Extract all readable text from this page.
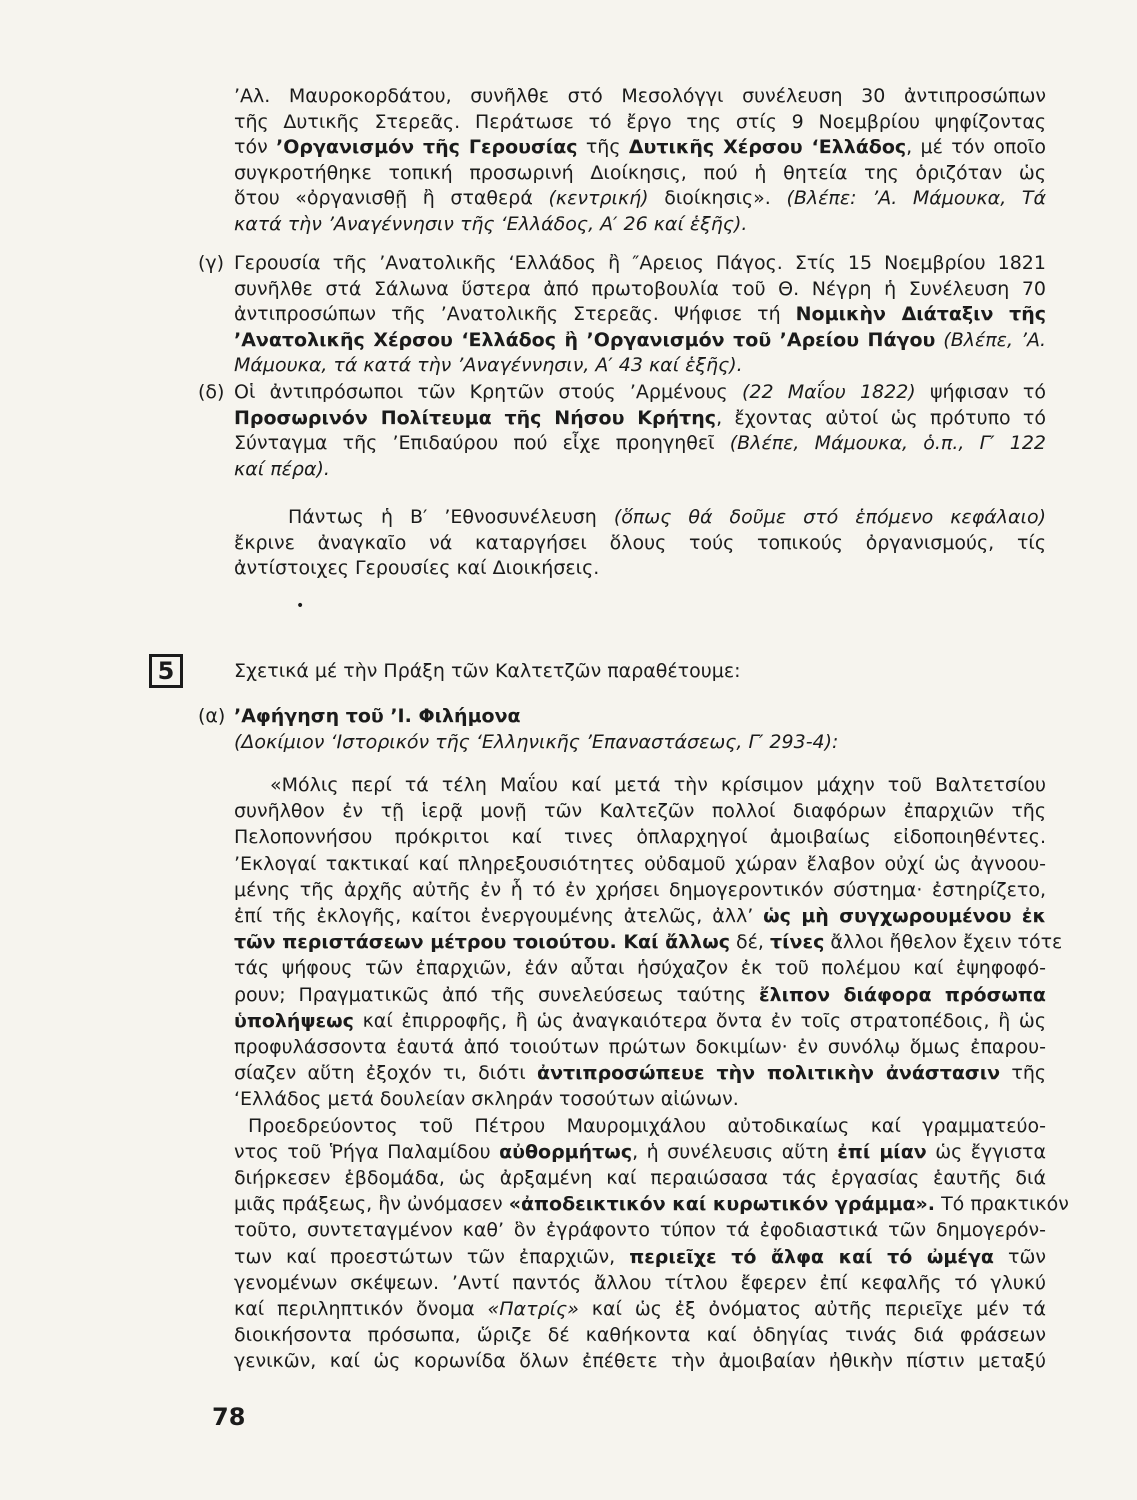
’Αλ. Μαυροκορδάτου, συνῆλθε στό Μεσολόγγι συνέλευση 30 ἀντιπροσώπων
τῆς Δυτικῆς Στερεᾶς. Περάτωσε τό ἔργο της στίς 9 Νοεμβρίου ψηφίζοντας
τόν ’Οργανισμόν τῆς Γερουσίας τῆς Δυτικῆς Χέρσου ‘Ελλάδος, μέ τόν οποῖο
συγκροτήθηκε τοπική προσωρινή Διοίκησις, πού ἡ θητεία της ὁριζόταν ὡς
ὅτου «ὀργανισθῇ ἢ σταθερά (κεντρική) διοίκησις». (Βλέπε: ’Α. Μάμουκα, Τά
κατά τὴν ’Αναγέννησιν τῆς ‘Ελλάδος, Α′ 26 καί ἑξῆς).
(γ) Γερουσία τῆς ’Ανατολικῆς ‘Ελλάδος ἢ ″Αρειος Πάγος. Στίς 15 Νοεμβρίου 1821
συνῆλθε στά Σάλωνα ὕστερα ἀπό πρωτοβουλία τοῦ Θ. Νέγρη ἡ Συνέλευση 70
ἀντιπροσώπων τῆς ’Ανατολικῆς Στερεᾶς. Ψήφισε τή Νομικὴν Διάταξιν τῆς
’Ανατολικῆς Χέρσου ‘Ελλάδος ἢ ’Οργανισμόν τοῦ ’Αρείου Πάγου (Βλέπε, ’Α.
Μάμουκα, τά κατά τὴν ’Αναγέννησιν, Α′ 43 καί ἑξῆς).
(δ) Οἱ ἀντιπρόσωποι τῶν Κρητῶν στούς ’Αρμένους (22 Μαΐου 1822) ψήφισαν τό
Προσωρινόν Πολίτευμα τῆς Νήσου Κρήτης, ἔχοντας αὐτοί ὡς πρότυπο τό
Σύνταγμα τῆς ’Επιδαύρου πού εἶχε προηγηθεῖ (Βλέπε, Μάμουκα, ὁ.π., Γ′ 122
καί πέρα).
Πάντως ἡ Β′ ’Εθνοσυνέλευση (ὅπως θά δοῦμε στό ἑπόμενο κεφάλαιο)
ἔκρινε ἀναγκαῖο νά καταργήσει ὅλους τούς τοπικούς ὀργανισμούς, τίς
ἀντίστοιχες Γερουσίες καί Διοικήσεις.
•
5	Σχετικά μέ τὴν Πράξη τῶν Καλτετζῶν παραθέτουμε:
(α) ’Αφήγηση τοῦ ’Ι. Φιλήμονα
(Δοκίμιον ‘Ιστορικόν τῆς ‘Ελληνικῆς ’Επαναστάσεως, Γ′ 293-4):
«Μόλις περί τά τέλη Μαΐου καί μετά τὴν κρίσιμον μάχην τοῦ Βαλτετσίου
συνῆλθον ἐν τῇ ἱερᾷ μονῇ τῶν Καλτεζῶν πολλοί διαφόρων ἐπαρχιῶν τῆς
Πελοποννήσου πρόκριτοι καί τινες ὁπλαρχηγοί ἀμοιβαίως εἰδοποιηθέντες.
’Εκλογαί τακτικαί καί πληρεξουσιότητες οὐδαμοῦ χώραν ἔλαβον οὐχί ὡς ἀγνοου-
μένης τῆς ἀρχῆς αὐτῆς ἐν ἧ τό ἐν χρήσει δημογεροντικόν σύστημα· ἐστηρίζετο,
ἐπί τῆς ἐκλογῆς, καίτοι ἐνεργουμένης ἀτελῶς, ἀλλ’ ὡς μὴ συγχωρουμένου ἐκ
τῶν περιστάσεων μέτρου τοιούτου. Καί ἄλλως δέ, τίνες ἄλλοι ἤθελον ἔχειν τότε
τάς ψήφους τῶν ἐπαρχιῶν, ἐάν αὖται ἡσύχαζον ἐκ τοῦ πολέμου καί ἐψηφοφό-
ρουν; Πραγματικῶς ἀπό τῆς συνελεύσεως ταύτης ἔλιπον διάφορα πρόσωπα
ὑπολήψεως καί ἐπιρροφῆς, ἢ ὡς ἀναγκαιότερα ὄντα ἐν τοῖς στρατοπέδοις, ἢ ὡς
προφυλάσσοντα ἑαυτά ἀπό τοιούτων πρώτων δοκιμίων· ἐν συνόλῳ ὅμως ἐπαρου-
σίαζεν αὕτη ἐξοχόν τι, διότι ἀντιπροσώπευε τὴν πολιτικὴν ἀνάστασιν τῆς
‘Ελλάδος μετά δουλείαν σκληράν τοσούτων αἰώνων.
Προεδρεύοντος τοῦ Πέτρου Μαυρομιχάλου αὐτοδικαίως καί γραμματεύο-
ντος τοῦ Ῥήγα Παλαμίδου αὐθορμήτως, ἡ συνέλευσις αὕτη ἐπί μίαν ὡς ἔγγιστα
διήρκεσεν ἑβδομάδα, ὡς ἀρξαμένη καί περαιώσασα τάς ἐργασίας ἑαυτῆς διά
μιᾶς πράξεως, ἣν ὠνόμασεν «ἀποδεικτικόν καί κυρωτικόν γράμμα». Τό πρακτικόν
τοῦτο, συντεταγμένον καθ’ ὃν ἐγράφοντο τύπον τά ἐφοδιαστικά τῶν δημογερόν-
των καί προεστώτων τῶν ἐπαρχιῶν, περιεῖχε τό ἄλφα καί τό ὠμέγα τῶν
γενομένων σκέψεων. ’Αντί παντός ἄλλου τίτλου ἔφερεν ἐπί κεφαλῆς τό γλυκύ
καί περιληπτικόν ὄνομα «Πατρίς» καί ὡς ἐξ ὀνόματος αὐτῆς περιεῖχε μέν τά
διοικήσοντα πρόσωπα, ὥριζε δέ καθήκοντα καί ὁδηγίας τινάς διά φράσεων
γενικῶν, καί ὡς κορωνίδα ὅλων ἐπέθετε τὴν ἀμοιβαίαν ἠθικὴν πίστιν μεταξύ
78
